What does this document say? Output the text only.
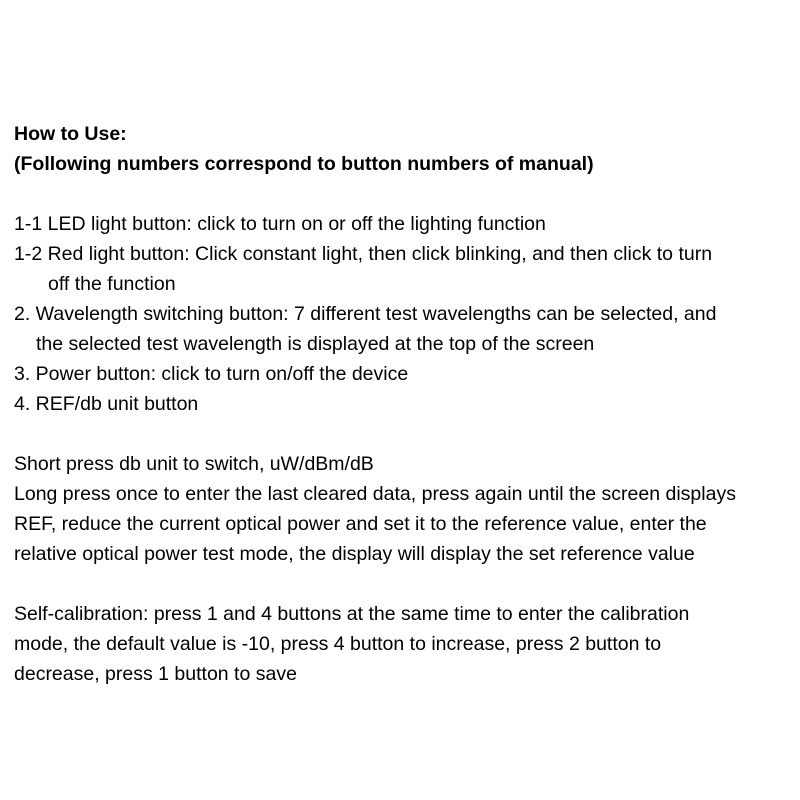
How to Use:
(Following numbers correspond to button numbers of manual)
1-1 LED light button: click to turn on or off the lighting function
1-2 Red light button: Click constant light, then click blinking, and then click to turn
off the function
2. Wavelength switching button: 7 different test wavelengths can be selected, and
the selected test wavelength is displayed at the top of the screen
3. Power button: click to turn on/off the device
4. REF/db unit button
Short press db unit to switch, uW/dBm/dB
Long press once to enter the last cleared data, press again until the screen displays
REF, reduce the current optical power and set it to the reference value, enter the
relative optical power test mode, the display will display the set reference value
Self-calibration: press 1 and 4 buttons at the same time to enter the calibration
mode, the default value is -10, press 4 button to increase, press 2 button to
decrease, press 1 button to save
